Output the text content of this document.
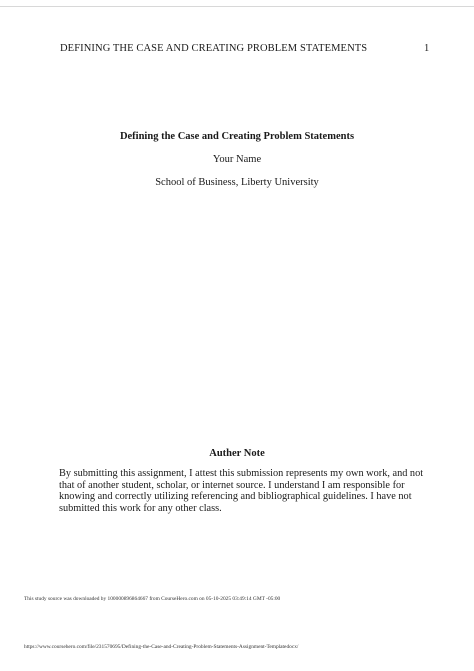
DEFINING THE CASE AND CREATING PROBLEM STATEMENTS	1
Defining the Case and Creating Problem Statements
Your Name
School of Business, Liberty University
Auther Note
By submitting this assignment, I attest this submission represents my own work, and not that of another student, scholar, or internet source. I understand I am responsible for knowing and correctly utilizing referencing and bibliographical guidelines. I have not submitted this work for any other class.
This study source was downloaded by 100000896864667 from CourseHero.com on 05-10-2025 03:49:14 GMT -05:00
https://www.coursehero.com/file/231570695/Defining-the-Case-and-Creating-Problem-Statements-Assignment-Templatedocx/
